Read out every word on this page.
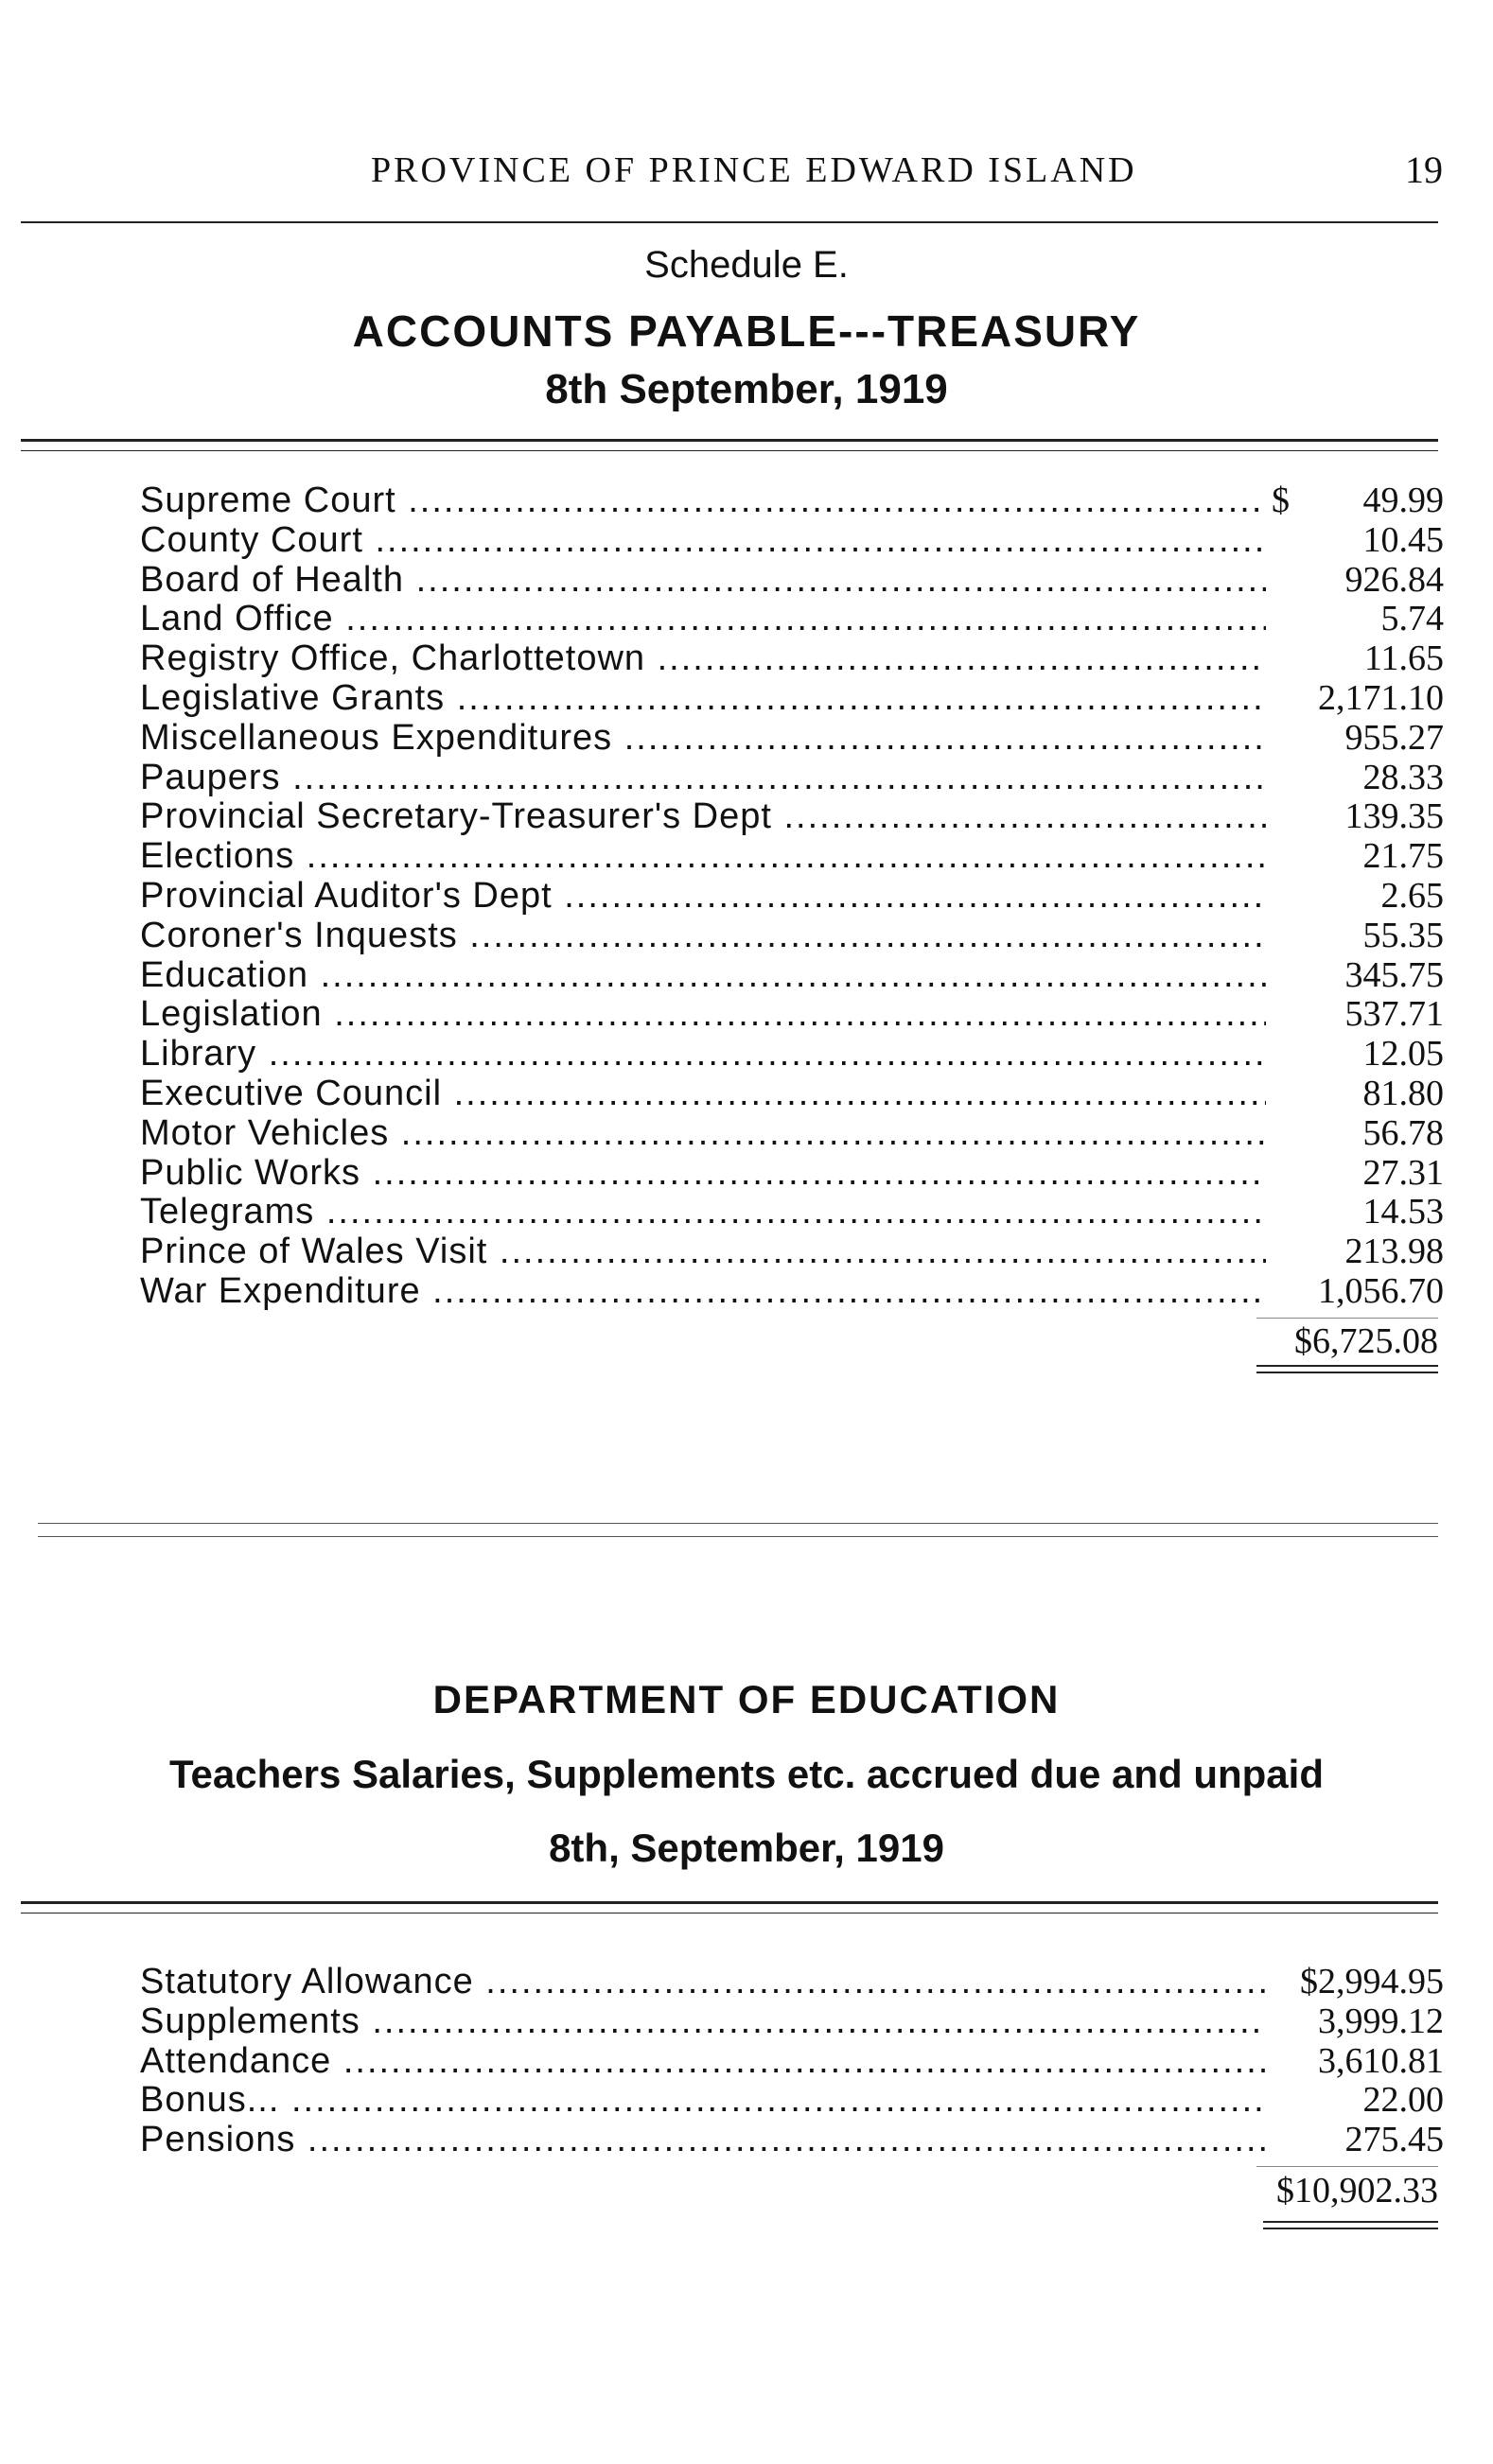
PROVINCE OF PRINCE EDWARD ISLAND	19
Schedule E.
ACCOUNTS PAYABLE---TREASURY
8th September, 1919
Supreme Court .....	$	49.99
County Court .....	10.45
Board of Health .....	926.84
Land Office .....	5.74
Registry Office, Charlottetown .....	11.65
Legislative Grants .....	2,171.10
Miscellaneous Expenditures .....	955.27
Paupers .....	28.33
Provincial Secretary-Treasurer's Dept .....	139.35
Elections .....	21.75
Provincial Auditor's Dept .....	2.65
Coroner's Inquests .....	55.35
Education .....	345.75
Legislation .....	537.71
Library .....	12.05
Executive Council .....	81.80
Motor Vehicles .....	56.78
Public Works .....	27.31
Telegrams .....	14.53
Prince of Wales Visit .....	213.98
War Expenditure .....	1,056.70
$6,725.08
DEPARTMENT OF EDUCATION
Teachers Salaries, Supplements etc. accrued due and unpaid
8th, September, 1919
Statutory Allowance .....	$2,994.95
Supplements .....	3,999.12
Attendance .....	3,610.81
Bonus... .....	22.00
Pensions .....	275.45
$10,902.33
